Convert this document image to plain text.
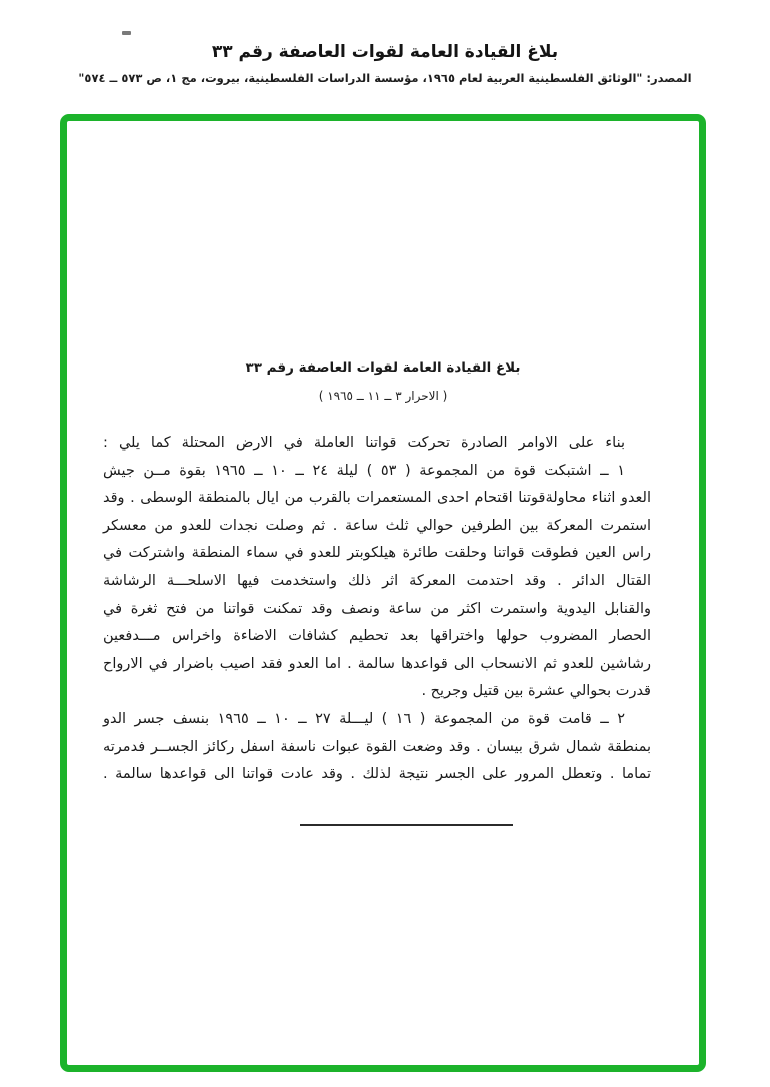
بلاغ القيادة العامة لقوات العاصفة رقم ٣٣
المصدر: "الوثائق الفلسطينية العربية لعام ١٩٦٥، مؤسسة الدراسات الفلسطينية، بيروت، مج ١، ص ٥٧٣ ــ ٥٧٤"
بلاغ القيادة العامة لقوات العاصفة رقم ٣٣
( الاحرار ٣ ــ ١١ ــ ١٩٦٥ )
بناء على الاوامر الصادرة تحركت قواتنا العاملة في الارض المحتلة كما يلي :
١ ــ اشتبكت قوة من المجموعة ( ٥٣ ) ليلة ٢٤ ــ ١٠ ــ ١٩٦٥ بقوة مــن جيش
العدو اثناء محاولةقوتنا اقتحام احدى المستعمرات بالقرب من ايال بالمنطقة الوسطى . وقد
استمرت المعركة بين الطرفين حوالي ثلث ساعة . ثم وصلت نجدات للعدو من معسكر
راس العين فطوقت قواتنا وحلقت طائرة هيلكوبتر للعدو في سماء المنطقة واشتركت في
القتال الدائر . وقد احتدمت المعركة اثر ذلك واستخدمت فيها الاسلحـــة الرشاشة
والقنابل اليدوية واستمرت اكثر من ساعة ونصف وقد تمكنت قواتنا من فتح ثغرة في
الحصار المضروب حولها واختراقها بعد تحطيم كشافات الاضاءة واخراس مـــدفعين
رشاشين للعدو ثم الانسحاب الى قواعدها سالمة . اما العدو فقد اصيب باضرار في الارواح
قدرت بحوالي عشرة بين قتيل وجريح .
٢ ــ قامت قوة من المجموعة ( ١٦ ) ليـــلة ٢٧ ــ ١٠ ــ ١٩٦٥ بنسف جسر الدو
بمنطقة شمال شرق بيسان . وقد وضعت القوة عبوات ناسفة اسفل ركائز الجســر فدمرته
تماما . وتعطل المرور على الجسر نتيجة لذلك . وقد عادت قواتنا الى قواعدها سالمة .
